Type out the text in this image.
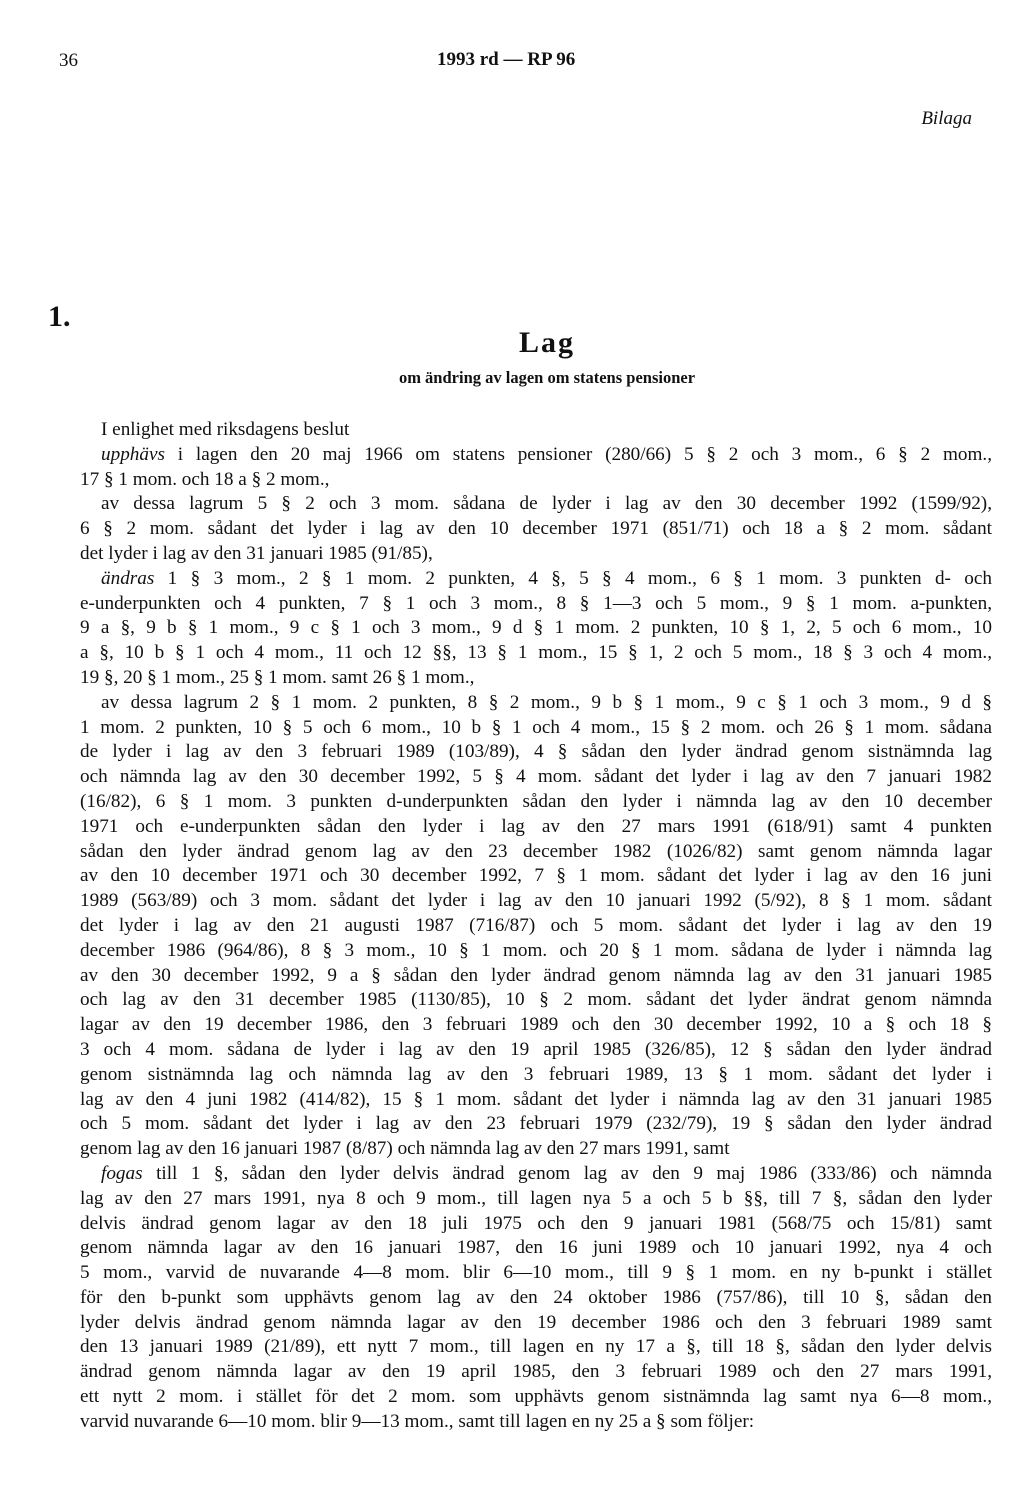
36	1993 rd — RP 96
Bilaga
1.
Lag
om ändring av lagen om statens pensioner
I enlighet med riksdagens beslut
upphävs i lagen den 20 maj 1966 om statens pensioner (280/66) 5 § 2 och 3 mom., 6 § 2 mom.,
17 § 1 mom. och 18 a § 2 mom.,
av dessa lagrum 5 § 2 och 3 mom. sådana de lyder i lag av den 30 december 1992 (1599/92),
6 § 2 mom. sådant det lyder i lag av den 10 december 1971 (851/71) och 18 a § 2 mom. sådant
det lyder i lag av den 31 januari 1985 (91/85),
ändras 1 § 3 mom., 2 § 1 mom. 2 punkten, 4 §, 5 § 4 mom., 6 § 1 mom. 3 punkten d- och
e-underpunkten och 4 punkten, 7 § 1 och 3 mom., 8 § 1—3 och 5 mom., 9 § 1 mom. a-punkten,
9 a §, 9 b § 1 mom., 9 c § 1 och 3 mom., 9 d § 1 mom. 2 punkten, 10 § 1, 2, 5 och 6 mom., 10
a §, 10 b § 1 och 4 mom., 11 och 12 §§, 13 § 1 mom., 15 § 1, 2 och 5 mom., 18 § 3 och 4 mom.,
19 §, 20 § 1 mom., 25 § 1 mom. samt 26 § 1 mom.,
av dessa lagrum 2 § 1 mom. 2 punkten, 8 § 2 mom., 9 b § 1 mom., 9 c § 1 och 3 mom., 9 d §
1 mom. 2 punkten, 10 § 5 och 6 mom., 10 b § 1 och 4 mom., 15 § 2 mom. och 26 § 1 mom. sådana
de lyder i lag av den 3 februari 1989 (103/89), 4 § sådan den lyder ändrad genom sistnämnda lag
och nämnda lag av den 30 december 1992, 5 § 4 mom. sådant det lyder i lag av den 7 januari 1982
(16/82), 6 § 1 mom. 3 punkten d-underpunkten sådan den lyder i nämnda lag av den 10 december
1971 och e-underpunkten sådan den lyder i lag av den 27 mars 1991 (618/91) samt 4 punkten
sådan den lyder ändrad genom lag av den 23 december 1982 (1026/82) samt genom nämnda lagar
av den 10 december 1971 och 30 december 1992, 7 § 1 mom. sådant det lyder i lag av den 16 juni
1989 (563/89) och 3 mom. sådant det lyder i lag av den 10 januari 1992 (5/92), 8 § 1 mom. sådant
det lyder i lag av den 21 augusti 1987 (716/87) och 5 mom. sådant det lyder i lag av den 19
december 1986 (964/86), 8 § 3 mom., 10 § 1 mom. och 20 § 1 mom. sådana de lyder i nämnda lag
av den 30 december 1992, 9 a § sådan den lyder ändrad genom nämnda lag av den 31 januari 1985
och lag av den 31 december 1985 (1130/85), 10 § 2 mom. sådant det lyder ändrat genom nämnda
lagar av den 19 december 1986, den 3 februari 1989 och den 30 december 1992, 10 a § och 18 §
3 och 4 mom. sådana de lyder i lag av den 19 april 1985 (326/85), 12 § sådan den lyder ändrad
genom sistnämnda lag och nämnda lag av den 3 februari 1989, 13 § 1 mom. sådant det lyder i
lag av den 4 juni 1982 (414/82), 15 § 1 mom. sådant det lyder i nämnda lag av den 31 januari 1985
och 5 mom. sådant det lyder i lag av den 23 februari 1979 (232/79), 19 § sådan den lyder ändrad
genom lag av den 16 januari 1987 (8/87) och nämnda lag av den 27 mars 1991, samt
fogas till 1 §, sådan den lyder delvis ändrad genom lag av den 9 maj 1986 (333/86) och nämnda
lag av den 27 mars 1991, nya 8 och 9 mom., till lagen nya 5 a och 5 b §§, till 7 §, sådan den lyder
delvis ändrad genom lagar av den 18 juli 1975 och den 9 januari 1981 (568/75 och 15/81) samt
genom nämnda lagar av den 16 januari 1987, den 16 juni 1989 och 10 januari 1992, nya 4 och
5 mom., varvid de nuvarande 4—8 mom. blir 6—10 mom., till 9 § 1 mom. en ny b-punkt i stället
för den b-punkt som upphävts genom lag av den 24 oktober 1986 (757/86), till 10 §, sådan den
lyder delvis ändrad genom nämnda lagar av den 19 december 1986 och den 3 februari 1989 samt
den 13 januari 1989 (21/89), ett nytt 7 mom., till lagen en ny 17 a §, till 18 §, sådan den lyder delvis
ändrad genom nämnda lagar av den 19 april 1985, den 3 februari 1989 och den 27 mars 1991,
ett nytt 2 mom. i stället för det 2 mom. som upphävts genom sistnämnda lag samt nya 6—8 mom.,
varvid nuvarande 6—10 mom. blir 9—13 mom., samt till lagen en ny 25 a § som följer:
